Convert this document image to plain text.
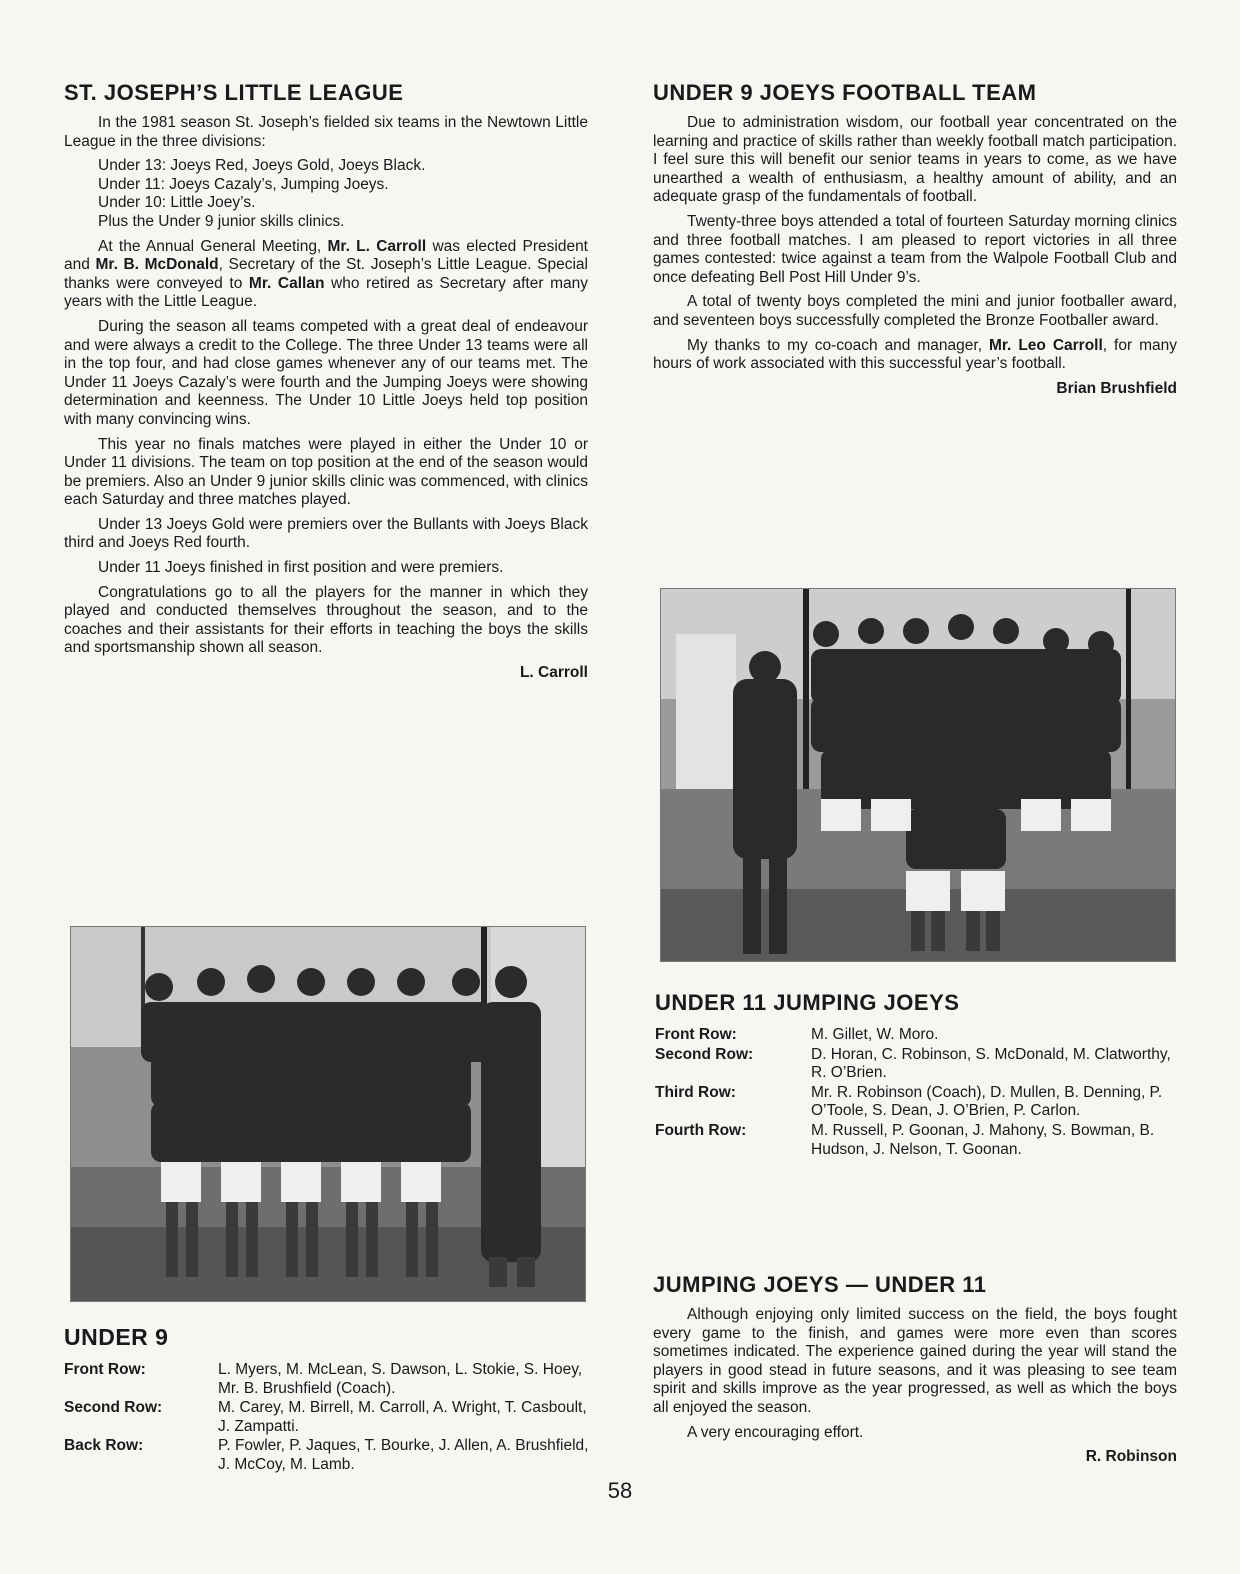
ST. JOSEPH’S LITTLE LEAGUE

In the 1981 season St. Joseph’s fielded six teams in the Newtown Little League in the three divisions:

Under 13: Joeys Red, Joeys Gold, Joeys Black.
Under 11: Joeys Cazaly’s, Jumping Joeys.
Under 10: Little Joey’s.
Plus the Under 9 junior skills clinics.

At the Annual General Meeting, Mr. L. Carroll was elected President and Mr. B. McDonald, Secretary of the St. Joseph’s Little League. Special thanks were conveyed to Mr. Callan who retired as Secretary after many years with the Little League.

During the season all teams competed with a great deal of endeavour and were always a credit to the College. The three Under 13 teams were all in the top four, and had close games whenever any of our teams met. The Under 11 Joeys Cazaly’s were fourth and the Jumping Joeys were showing determination and keenness. The Under 10 Little Joeys held top position with many convincing wins.

This year no finals matches were played in either the Under 10 or Under 11 divisions. The team on top position at the end of the season would be premiers. Also an Under 9 junior skills clinic was commenced, with clinics each Saturday and three matches played.

Under 13 Joeys Gold were premiers over the Bullants with Joeys Black third and Joeys Red fourth.

Under 11 Joeys finished in first position and were premiers.

Congratulations go to all the players for the manner in which they played and conducted themselves throughout the season, and to the coaches and their assistants for their efforts in teaching the boys the skills and sportsmanship shown all season.

L. Carroll
UNDER 9
Front Row:	L. Myers, M. McLean, S. Dawson, L. Stokie, S. Hoey, Mr. B. Brushfield (Coach).
Second Row:	M. Carey, M. Birrell, M. Carroll, A. Wright, T. Casboult, J. Zampatti.
Back Row:	P. Fowler, P. Jaques, T. Bourke, J. Allen, A. Brushfield, J. McCoy, M. Lamb.
UNDER 9 JOEYS FOOTBALL TEAM

Due to administration wisdom, our football year concentrated on the learning and practice of skills rather than weekly football match participation. I feel sure this will benefit our senior teams in years to come, as we have unearthed a wealth of enthusiasm, a healthy amount of ability, and an adequate grasp of the fundamentals of football.

Twenty-three boys attended a total of fourteen Saturday morning clinics and three football matches. I am pleased to report victories in all three games contested: twice against a team from the Walpole Football Club and once defeating Bell Post Hill Under 9’s.

A total of twenty boys completed the mini and junior footballer award, and seventeen boys successfully completed the Bronze Footballer award.

My thanks to my co-coach and manager, Mr. Leo Carroll, for many hours of work associated with this successful year’s football.

Brian Brushfield
UNDER 11 JUMPING JOEYS
Front Row:	M. Gillet, W. Moro.
Second Row:	D. Horan, C. Robinson, S. McDonald, M. Clatworthy, R. O’Brien.
Third Row:	Mr. R. Robinson (Coach), D. Mullen, B. Denning, P. O’Toole, S. Dean, J. O’Brien, P. Carlon.
Fourth Row:	M. Russell, P. Goonan, J. Mahony, S. Bowman, B. Hudson, J. Nelson, T. Goonan.
JUMPING JOEYS — UNDER 11

Although enjoying only limited success on the field, the boys fought every game to the finish, and games were more even than scores sometimes indicated. The experience gained during the year will stand the players in good stead in future seasons, and it was pleasing to see team spirit and skills improve as the year progressed, as well as which the boys all enjoyed the season.

A very encouraging effort.

R. Robinson
58
